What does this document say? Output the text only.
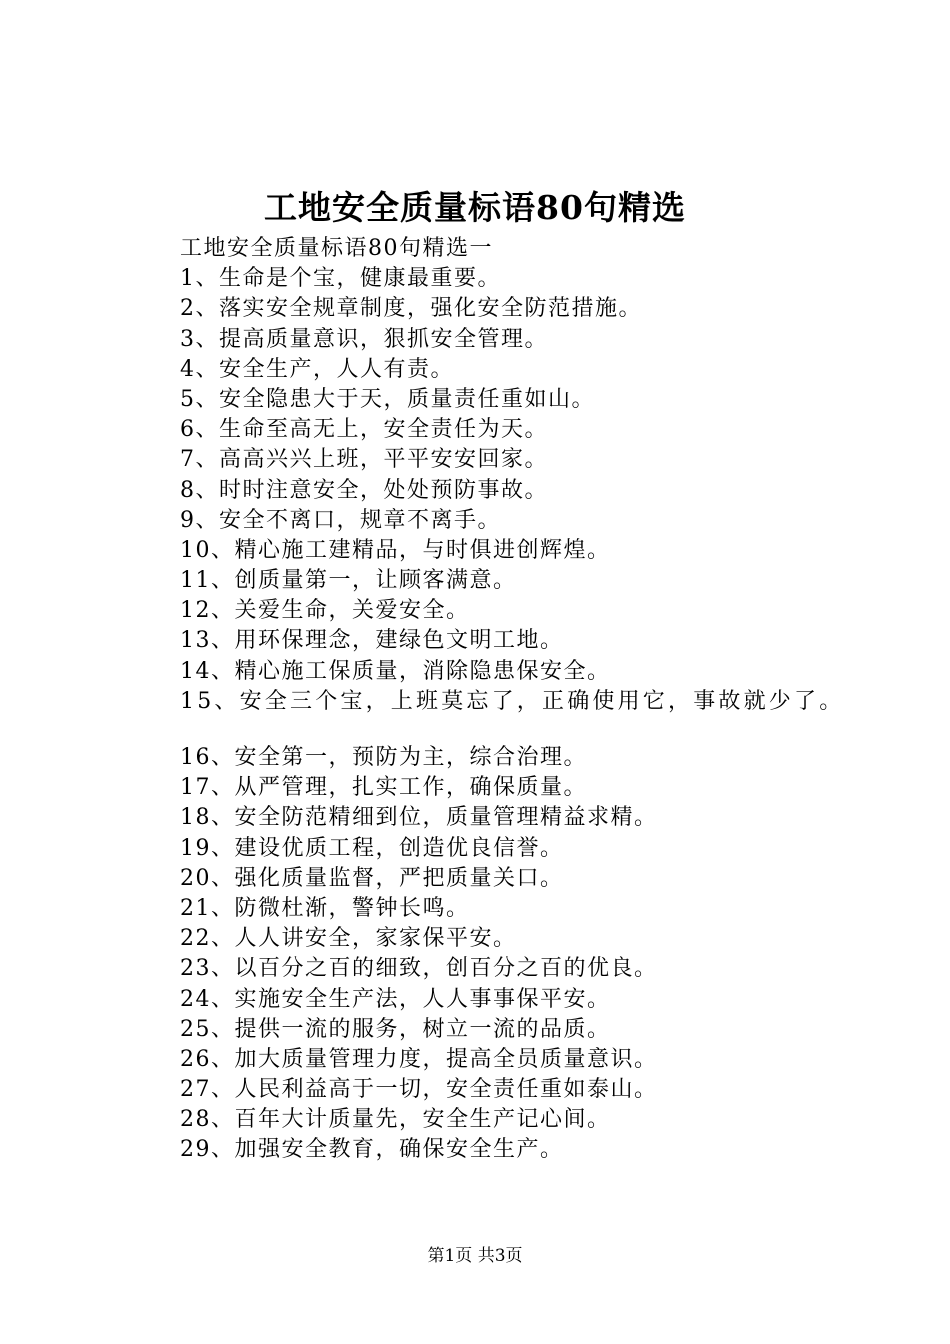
工地安全质量标语80句精选
工地安全质量标语80句精选一
1、生命是个宝，健康最重要。
2、落实安全规章制度，强化安全防范措施。
3、提高质量意识，狠抓安全管理。
4、安全生产，人人有责。
5、安全隐患大于天，质量责任重如山。
6、生命至高无上，安全责任为天。
7、高高兴兴上班，平平安安回家。
8、时时注意安全，处处预防事故。
9、安全不离口，规章不离手。
10、精心施工建精品，与时俱进创辉煌。
11、创质量第一，让顾客满意。
12、关爱生命，关爱安全。
13、用环保理念，建绿色文明工地。
14、精心施工保质量，消除隐患保安全。
15、安全三个宝，上班莫忘了，正确使用它，事故就少了。
16、安全第一，预防为主，综合治理。
17、从严管理，扎实工作，确保质量。
18、安全防范精细到位，质量管理精益求精。
19、建设优质工程，创造优良信誉。
20、强化质量监督，严把质量关口。
21、防微杜渐，警钟长鸣。
22、人人讲安全，家家保平安。
23、以百分之百的细致，创百分之百的优良。
24、实施安全生产法，人人事事保平安。
25、提供一流的服务，树立一流的品质。
26、加大质量管理力度，提高全员质量意识。
27、人民利益高于一切，安全责任重如泰山。
28、百年大计质量先，安全生产记心间。
29、加强安全教育，确保安全生产。
第1页 共3页
